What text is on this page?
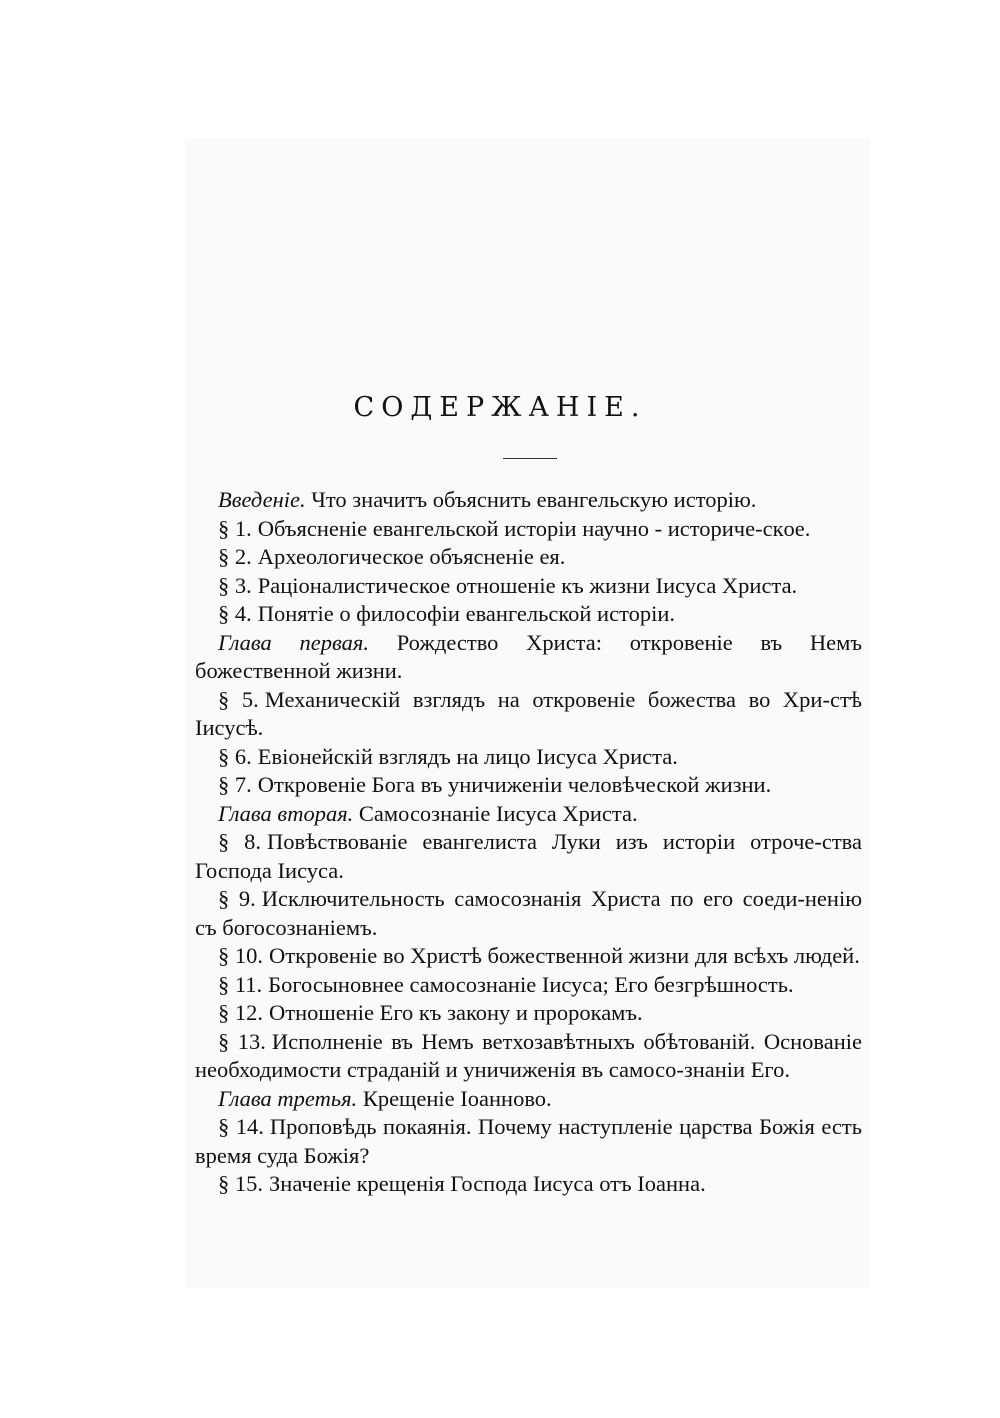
СОДЕРЖАНIЕ.
Введенiе. Что значитъ объяснить евангельскую исторію.
§ 1. Объясненiе евангельской исторiи научно - историче-скoe.
§ 2. Археологическое объясненiе ея.
§ 3. Рацiоналистическое отношенiе къ жизни Iисуса Христа.
§ 4. Понятiе о философiи евангельской исторiи.
Глава первая. Рождество Христа: откровенiе въ Немъ божественной жизни.
§ 5. Механическiй взглядъ на откровенiе божества во Хри-стѣ Iисусѣ.
§ 6. Евiонейскiй взглядъ на лицо Iисуса Христа.
§ 7. Откровенiе Бога въ уничиженiи человѣческой жизни.
Глава вторая. Самосознанiе Iисуса Христа.
§ 8. Повѣствованiе евангелиста Луки изъ исторiи отроче-ства Господа Iисуса.
§ 9. Исключительность самосознанiя Христа по его соеди-ненiю съ богосознанiемъ.
§ 10. Откровенiе во Христѣ божественной жизни для всѣхъ людей.
§ 11. Богосыновнее самосознанiе Iисуса; Его безгрѣшность.
§ 12. Отношенiе Его къ закону и пророкамъ.
§ 13. Исполненiе въ Немъ ветхозавѣтныхъ обѣтованiй. Основанiе необходимости страданiй и уничиженiя въ самосо-знанiи Его.
Глава третья. Крещенiе Iоанново.
§ 14. Проповѣдь покаянiя. Почему наступленiе царства Божiя есть время суда Божiя?
§ 15. Значенiе крещенiя Господа Iисуса отъ Iоанна.
